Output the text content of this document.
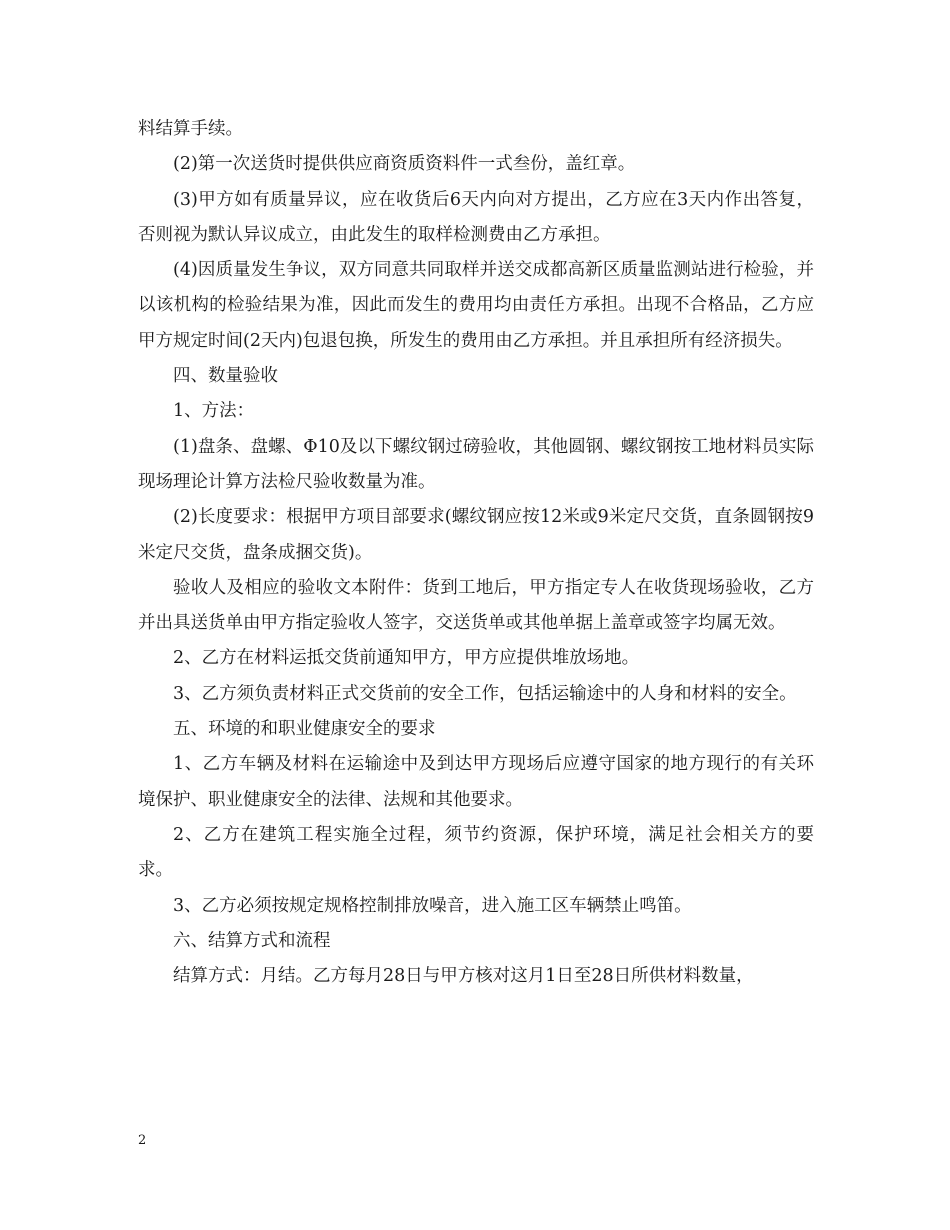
料结算手续。

(2)第一次送货时提供供应商资质资料件一式叁份，盖红章。

(3)甲方如有质量异议，应在收货后6天内向对方提出，乙方应在3天内作出答复，否则视为默认异议成立，由此发生的取样检测费由乙方承担。

(4)因质量发生争议，双方同意共同取样并送交成都高新区质量监测站进行检验，并以该机构的检验结果为准，因此而发生的费用均由责任方承担。出现不合格品，乙方应甲方规定时间(2天内)包退包换，所发生的费用由乙方承担。并且承担所有经济损失。

四、数量验收

1、方法：

(1)盘条、盘螺、Φ10及以下螺纹钢过磅验收，其他圆钢、螺纹钢按工地材料员实际现场理论计算方法检尺验收数量为准。

(2)长度要求：根据甲方项目部要求(螺纹钢应按12米或9米定尺交货，直条圆钢按9米定尺交货，盘条成捆交货)。

验收人及相应的验收文本附件：货到工地后，甲方指定专人在收货现场验收，乙方并出具送货单由甲方指定验收人签字，交送货单或其他单据上盖章或签字均属无效。

2、乙方在材料运抵交货前通知甲方，甲方应提供堆放场地。

3、乙方须负责材料正式交货前的安全工作，包括运输途中的人身和材料的安全。

五、环境的和职业健康安全的要求

1、乙方车辆及材料在运输途中及到达甲方现场后应遵守国家的地方现行的有关环境保护、职业健康安全的法律、法规和其他要求。

2、乙方在建筑工程实施全过程，须节约资源，保护环境，满足社会相关方的要求。

3、乙方必须按规定规格控制排放噪音，进入施工区车辆禁止鸣笛。

六、结算方式和流程

结算方式：月结。乙方每月28日与甲方核对这月1日至28日所供材料数量，

2
